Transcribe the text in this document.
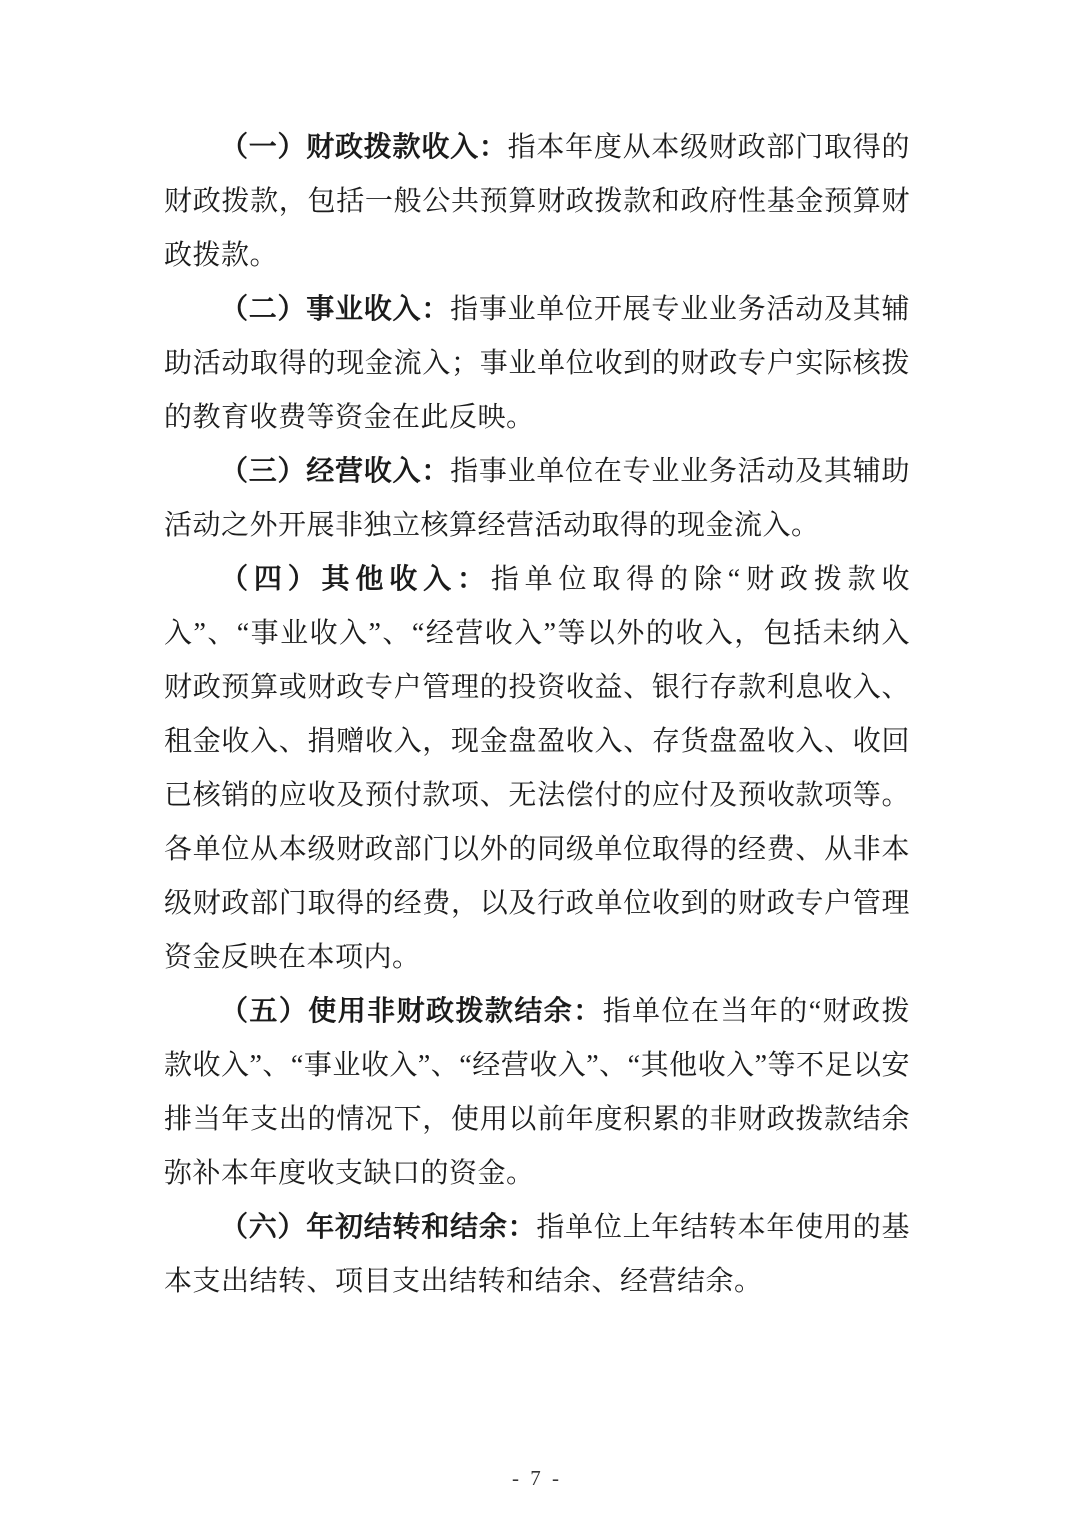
（一）财政拨款收入：指本年度从本级财政部门取得的财政拨款，包括一般公共预算财政拨款和政府性基金预算财政拨款。

（二）事业收入：指事业单位开展专业业务活动及其辅助活动取得的现金流入；事业单位收到的财政专户实际核拨的教育收费等资金在此反映。

（三）经营收入：指事业单位在专业业务活动及其辅助活动之外开展非独立核算经营活动取得的现金流入。

（四）其他收入：指单位取得的除“财政拨款收入”、“事业收入”、“经营收入”等以外的收入，包括未纳入财政预算或财政专户管理的投资收益、银行存款利息收入、租金收入、捐赠收入，现金盘盈收入、存货盘盈收入、收回已核销的应收及预付款项、无法偿付的应付及预收款项等。各单位从本级财政部门以外的同级单位取得的经费、从非本级财政部门取得的经费，以及行政单位收到的财政专户管理资金反映在本项内。

（五）使用非财政拨款结余：指单位在当年的“财政拨款收入”、“事业收入”、“经营收入”、“其他收入”等不足以安排当年支出的情况下，使用以前年度积累的非财政拨款结余弥补本年度收支缺口的资金。

（六）年初结转和结余：指单位上年结转本年使用的基本支出结转、项目支出结转和结余、经营结余。

- 7 -
